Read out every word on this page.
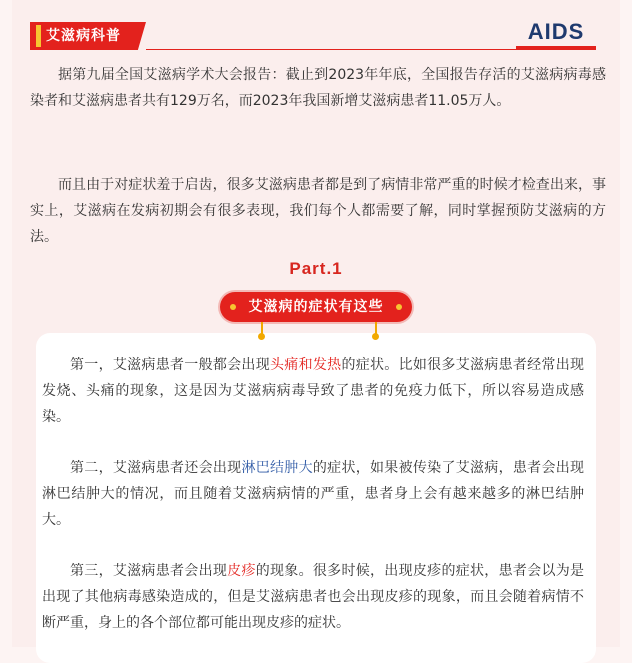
艾滋病科普	AIDS

据第九届全国艾滋病学术大会报告：截止到2023年年底，全国报告存活的艾滋病病毒感染者和艾滋病患者共有129万名，而2023年我国新增艾滋病患者11.05万人。

而且由于对症状羞于启齿，很多艾滋病患者都是到了病情非常严重的时候才检查出来，事实上，艾滋病在发病初期会有很多表现，我们每个人都需要了解，同时掌握预防艾滋病的方法。

Part.1
艾滋病的症状有这些

第一，艾滋病患者一般都会出现头痛和发热的症状。比如很多艾滋病患者经常出现发烧、头痛的现象，这是因为艾滋病病毒导致了患者的免疫力低下，所以容易造成感染。

第二，艾滋病患者还会出现淋巴结肿大的症状，如果被传染了艾滋病，患者会出现淋巴结肿大的情况，而且随着艾滋病病情的严重，患者身上会有越来越多的淋巴结肿大。

第三，艾滋病患者会出现皮疹的现象。很多时候，出现皮疹的症状，患者会以为是出现了其他病毒感染造成的，但是艾滋病患者也会出现皮疹的现象，而且会随着病情不断严重，身上的各个部位都可能出现皮疹的症状。
